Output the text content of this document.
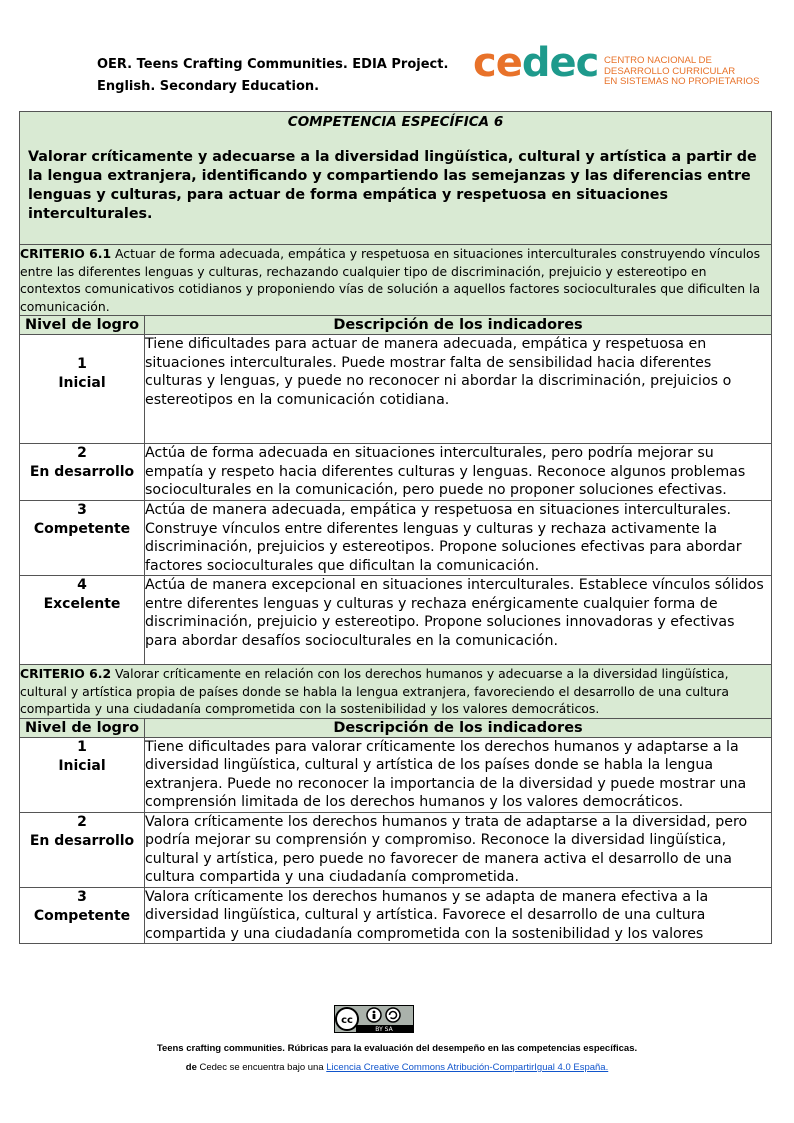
OER. Teens Crafting Communities. EDIA Project.
English. Secondary Education.
cedec CENTRO NACIONAL DE
DESARROLLO CURRICULAR
EN SISTEMAS NO PROPIETARIOS
COMPETENCIA ESPECÍFICA 6
Valorar críticamente y adecuarse a la diversidad lingüística, cultural y artística a partir de la lengua extranjera, identificando y compartiendo las semejanzas y las diferencias entre lenguas y culturas, para actuar de forma empática y respetuosa en situaciones interculturales.	

CRITERIO 6.1 Actuar de forma adecuada, empática y respetuosa en situaciones interculturales construyendo vínculos entre las diferentes lenguas y culturas, rechazando cualquier tipo de discriminación, prejuicio y estereotipo en contextos comunicativos cotidianos y proponiendo vías de solución a aquellos factores socioculturales que dificulten la comunicación.	
Nivel de logro	Descripción de los indicadores

1
Inicial	Tiene dificultades para actuar de manera adecuada, empática y respetuosa en situaciones interculturales. Puede mostrar falta de sensibilidad hacia diferentes culturas y lenguas, y puede no reconocer ni abordar la discriminación, prejuicios o estereotipos en la comunicación cotidiana.

2
En desarrollo	Actúa de forma adecuada en situaciones interculturales, pero podría mejorar su empatía y respeto hacia diferentes culturas y lenguas. Reconoce algunos problemas socioculturales en la comunicación, pero puede no proponer soluciones efectivas.

3
Competente	Actúa de manera adecuada, empática y respetuosa en situaciones interculturales. Construye vínculos entre diferentes lenguas y culturas y rechaza activamente la discriminación, prejuicios y estereotipos. Propone soluciones efectivas para abordar factores socioculturales que dificultan la comunicación.

4
Excelente	Actúa de manera excepcional en situaciones interculturales. Establece vínculos sólidos entre diferentes lenguas y culturas y rechaza enérgicamente cualquier forma de discriminación, prejuicio y estereotipo. Propone soluciones innovadoras y efectivas para abordar desafíos socioculturales en la comunicación.
CRITERIO 6.2 Valorar críticamente en relación con los derechos humanos y adecuarse a la diversidad lingüística, cultural y artística propia de países donde se habla la lengua extranjera, favoreciendo el desarrollo de una cultura compartida y una ciudadanía comprometida con la sostenibilidad y los valores democráticos.	
Nivel de logro	Descripción de los indicadores

1
Inicial	Tiene dificultades para valorar críticamente los derechos humanos y adaptarse a la diversidad lingüística, cultural y artística de los países donde se habla la lengua extranjera. Puede no reconocer la importancia de la diversidad y puede mostrar una comprensión limitada de los derechos humanos y los valores democráticos.

2
En desarrollo	Valora críticamente los derechos humanos y trata de adaptarse a la diversidad, pero podría mejorar su comprensión y compromiso. Reconoce la diversidad lingüística, cultural y artística, pero puede no favorecer de manera activa el desarrollo de una cultura compartida y una ciudadanía comprometida.

3
Competente	Valora críticamente los derechos humanos y se adapta de manera efectiva a la diversidad lingüística, cultural y artística. Favorece el desarrollo de una cultura compartida y una ciudadanía comprometida con la sostenibilidad y los valores
cc
BY SA
Teens crafting communities. Rúbricas para la evaluación del desempeño en las competencias específicas.
de Cedec se encuentra bajo una Licencia Creative Commons Atribución-CompartirIgual 4.0 España.
